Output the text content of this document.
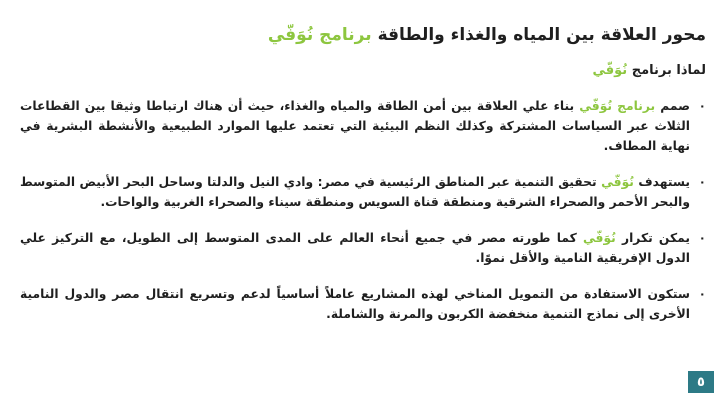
محور العلاقة بين المياه والغذاء والطاقة برنامج نُوَفّي
لماذا برنامج نُوَفّي
٠
صمم برنامج نُوَفّي بناء علي العلاقة بين أمن الطاقة والمياه والغذاء، حيث أن هناك ارتباطا وثيقا بين القطاعات الثلاث عبر السياسات المشتركة وكذلك النظم البيئية التي تعتمد عليها الموارد الطبيعية والأنشطة البشرية في نهاية المطاف.
٠
يستهدف نُوَفّي تحقيق التنمية عبر المناطق الرئيسية في مصر: وادي النيل والدلتا وساحل البحر الأبيض المتوسط والبحر الأحمر والصحراء الشرقية ومنطقة قناة السويس ومنطقة سيناء والصحراء الغربية والواحات.
٠
يمكن تكرار نُوَفّي كما طورته مصر في جميع أنحاء العالم على المدى المتوسط إلى الطويل، مع التركيز علي الدول الإفريقية النامية والأقل نموًا.
٠
ستكون الاستفادة من التمويل المناخي لهذه المشاريع عاملاً أساسياً لدعم وتسريع انتقال مصر والدول النامية الأخرى إلى نماذج التنمية منخفضة الكربون والمرنة والشاملة.
٥
